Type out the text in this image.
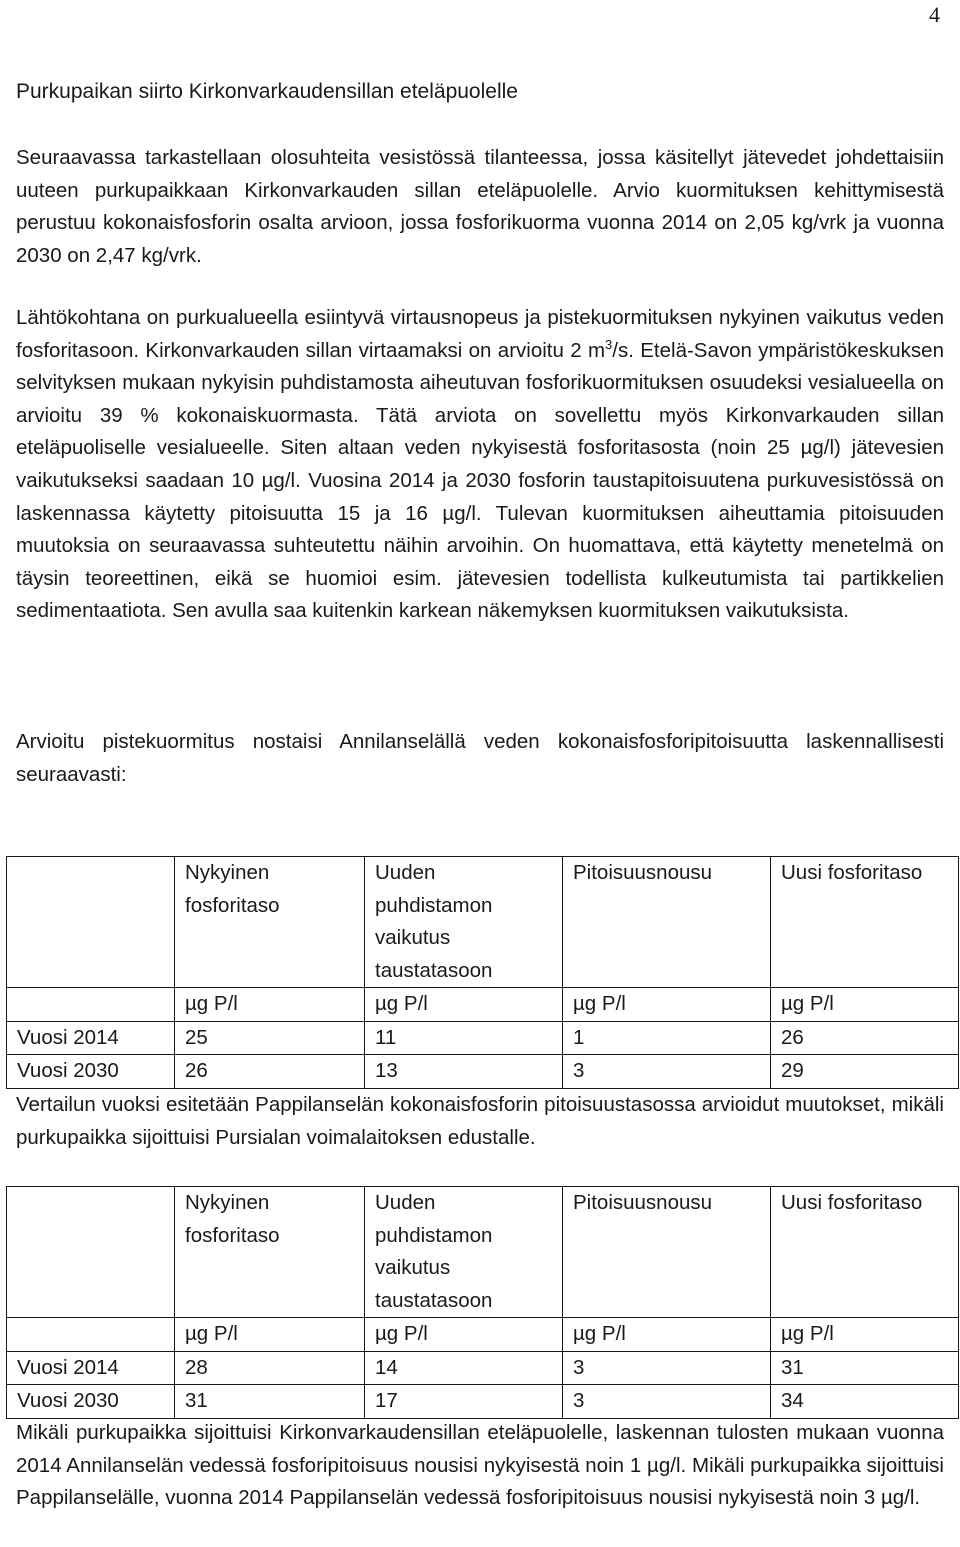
4
Purkupaikan siirto Kirkonvarkaudensillan eteläpuolelle

Seuraavassa tarkastellaan olosuhteita vesistössä tilanteessa, jossa käsitellyt jätevedet johdettaisiin uuteen purkupaikkaan Kirkonvarkauden sillan eteläpuolelle. Arvio kuormituksen kehittymisestä perustuu kokonaisfosforin osalta arvioon, jossa fosforikuorma vuonna 2014 on 2,05 kg/vrk ja vuonna 2030 on 2,47 kg/vrk.

Lähtökohtana on purkualueella esiintyvä virtausnopeus ja pistekuormituksen nykyinen vaikutus veden fosforitasoon. Kirkonvarkauden sillan virtaamaksi on arvioitu 2 $m^3/s$. Etelä-Savon ympäristökeskuksen selvityksen mukaan nykyisin puhdistamosta aiheutuvan fosforikuormituksen osuudeksi vesialueella on arvioitu 39 % kokonaiskuormasta. Tätä arviota on sovellettu myös Kirkonvarkauden sillan eteläpuoliselle vesialueelle. Siten altaan veden nykyisestä fosforitasosta (noin 25 µg/l) jätevesien vaikutukseksi saadaan 10 µg/l. Vuosina 2014 ja 2030 fosforin taustapitoisuutena purkuvesistössä on laskennassa käytetty pitoisuutta 15 ja 16 µg/l. Tulevan kuormituksen aiheuttamia pitoisuuden muutoksia on seuraavassa suhteutettu näihin arvoihin. On huomattava, että käytetty menetelmä on täysin teoreettinen, eikä se huomioi esim. jätevesien todellista kulkeutumista tai partikkelien sedimentaatiota. Sen avulla saa kuitenkin karkean näkemyksen kuormituksen vaikutuksista.

Arvioitu pistekuormitus nostaisi Annilanselällä veden kokonaisfosforipitoisuutta laskennallisesti seuraavasti:

	Nykyinen fosforitaso	Uuden puhdistamon vaikutus taustatasoon	Pitoisuusnousu	Uusi fosforitaso
	µg P/l	µg P/l	µg P/l	µg P/l
Vuosi 2014	25	11	1	26
Vuosi 2030	26	13	3	29

Vertailun vuoksi esitetään Pappilanselän kokonaisfosforin pitoisuustasossa arvioidut muutokset, mikäli purkupaikka sijoittuisi Pursialan voimalaitoksen edustalle.

	Nykyinen fosforitaso	Uuden puhdistamon vaikutus taustatasoon	Pitoisuusnousu	Uusi fosforitaso
	µg P/l	µg P/l	µg P/l	µg P/l
Vuosi 2014	28	14	3	31
Vuosi 2030	31	17	3	34

Mikäli purkupaikka sijoittuisi Kirkonvarkaudensillan eteläpuolelle, laskennan tulosten mukaan vuonna 2014 Annilanselän vedessä fosforipitoisuus nousisi nykyisestä noin 1 µg/l. Mikäli purkupaikka sijoittuisi Pappilanselälle, vuonna 2014 Pappilanselän vedessä fosforipitoisuus nousisi nykyisestä noin 3 µg/l.
